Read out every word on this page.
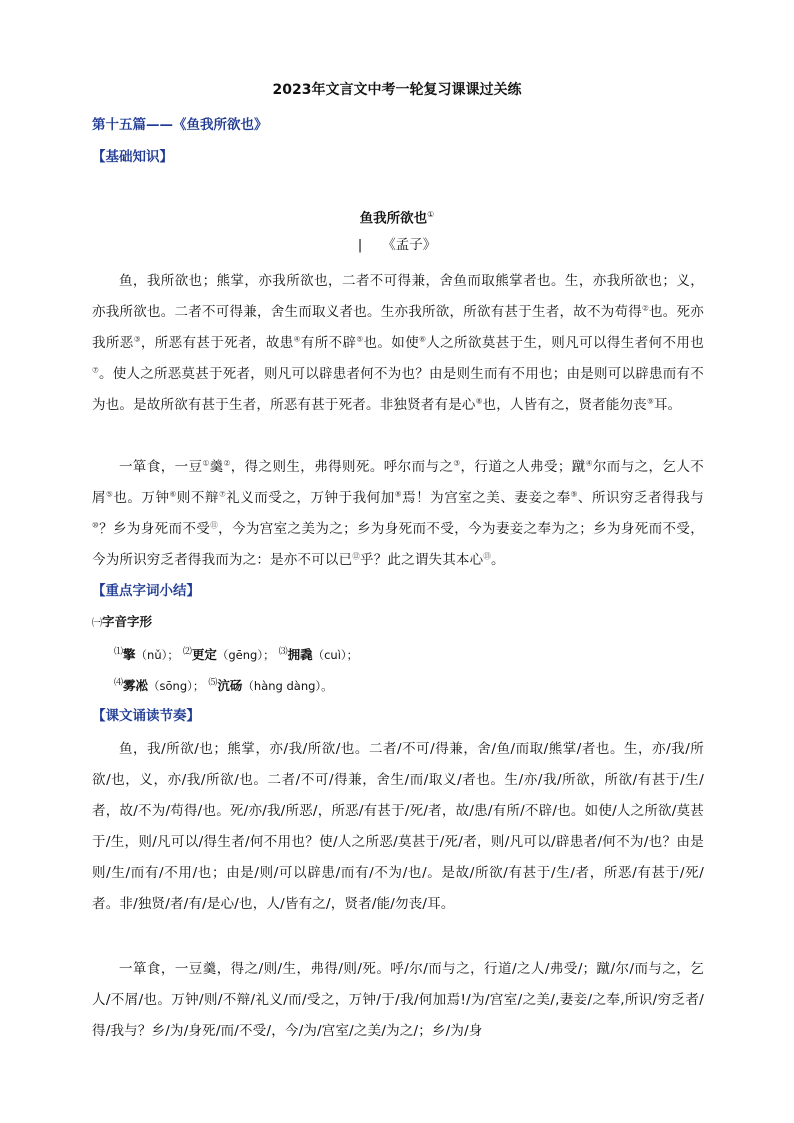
2023年文言文中考一轮复习课课过关练
第十五篇——《鱼我所欲也》
【基础知识】
鱼我所欲也①
| 《孟子》

鱼，我所欲也；熊掌，亦我所欲也，二者不可得兼，舍鱼而取熊掌者也。生，亦我所欲也；义，亦我所欲也。二者不可得兼，舍生而取义者也。生亦我所欲，所欲有甚于生者，故不为苟得②也。死亦我所恶③，所恶有甚于死者，故患④有所不辟⑤也。如使⑥人之所欲莫甚于生，则凡可以得生者何不用也⑦。使人之所恶莫甚于死者，则凡可以辟患者何不为也？由是则生而有不用也；由是则可以辟患而有不为也。是故所欲有甚于生者，所恶有甚于死者。非独贤者有是心⑧也，人皆有之，贤者能勿丧⑨耳。

一箪食，一豆①羹②，得之则生，弗得则死。呼尔而与之③，行道之人弗受；蹴④尔而与之，乞人不屑⑤也。万钟⑥则不辩⑦礼义而受之，万钟于我何加⑧焉！为宫室之美、妻妾之奉⑨、所识穷乏者得我与⑩？乡为身死而不受⑪，今为宫室之美为之；乡为身死而不受，今为妻妾之奉为之；乡为身死而不受，今为所识穷乏者得我而为之：是亦不可以已⑫乎？此之谓失其本心⑬。

【重点字词小结】
㈠字音字形

⑴擎（nǔ）； ⑵更定（gēng）； ⑶拥毳（cuì）；

⑷雾凇（sōng）； ⑸沆砀（hàng dàng）。

【课文诵读节奏】

鱼，我/所欲/也；熊掌，亦/我/所欲/也。二者/不可/得兼，舍/鱼/而取/熊掌/者也。生，亦/我/所欲/也，义，亦/我/所欲/也。二者/不可/得兼，舍生/而/取义/者也。生/亦/我/所欲，所欲/有甚于/生/者，故/不为/苟得/也。死/亦/我/所恶/，所恶/有甚于/死/者，故/患/有所/不辟/也。如使/人之所欲/莫甚于/生，则/凡可以/得生者/何不用也？使/人之所恶/莫甚于/死/者，则/凡可以/辟患者/何不为/也？由是则/生/而有/不用/也；由是/则/可以辟患/而有/不为/也/。是故/所欲/有甚于/生/者，所恶/有甚于/死/者。非/独贤/者/有/是心/也，人/皆有之/，贤者/能/勿丧/耳。

一箪食，一豆羹，得之/则/生，弗得/则/死。呼/尔/而与之，行道/之人/弗受/；蹴/尔/而与之，乞人/不屑/也。万钟/则/不辩/礼义/而/受之，万钟/于/我/何加焉!/为/宫室/之美/,妻妾/之奉,所识/穷乏者/得/我与？乡/为/身死/而/不受/，今/为/宫室/之美/为之/；乡/为/身
